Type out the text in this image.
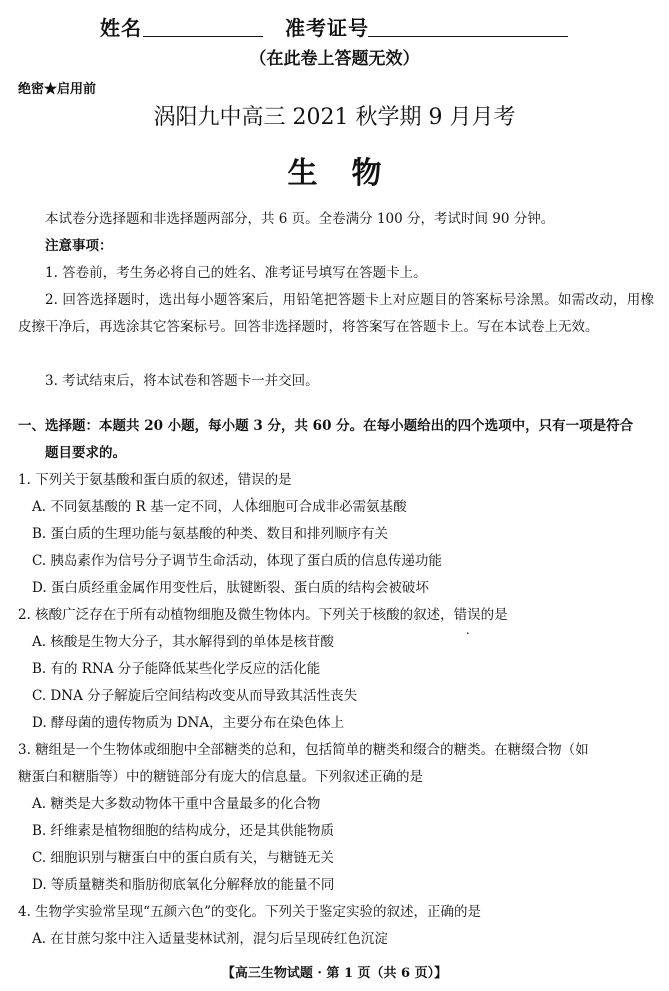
姓名	准考证号
（在此卷上答题无效）
绝密★启用前
涡阳九中高三 2021 秋学期 9 月月考
生物
本试卷分选择题和非选择题两部分，共 6 页。全卷满分 100 分，考试时间 90 分钟。
注意事项：
1. 答卷前，考生务必将自己的姓名、准考证号填写在答题卡上。
2. 回答选择题时，选出每小题答案后，用铅笔把答题卡上对应题目的答案标号涂黑。如需改动，用橡皮擦干净后，再选涂其它答案标号。回答非选择题时，将答案写在答题卡上。写在本试卷上无效。
3. 考试结束后，将本试卷和答题卡一并交回。
一、选择题：本题共 20 小题，每小题 3 分，共 60 分。在每小题给出的四个选项中，只有一项是符合
题目要求的。
1. 下列关于氨基酸和蛋白质的叙述，错误的是
A. 不同氨基酸的 R 基一定不同，人体细胞可合成非必需氨基酸
B. 蛋白质的生理功能与氨基酸的种类、数目和排列顺序有关
C. 胰岛素作为信号分子调节生命活动，体现了蛋白质的信息传递功能
D. 蛋白质经重金属作用变性后，肽键断裂、蛋白质的结构会被破坏
2. 核酸广泛存在于所有动植物细胞及微生物体内。下列关于核酸的叙述，错误的是
A. 核酸是生物大分子，其水解得到的单体是核苷酸
B. 有的 RNA 分子能降低某些化学反应的活化能
C. DNA 分子解旋后空间结构改变从而导致其活性丧失
D. 酵母菌的遗传物质为 DNA，主要分布在染色体上
3. 糖组是一个生物体或细胞中全部糖类的总和，包括简单的糖类和缀合的糖类。在糖缀合物（如
糖蛋白和糖脂等）中的糖链部分有庞大的信息量。下列叙述正确的是
A. 糖类是大多数动物体干重中含量最多的化合物
B. 纤维素是植物细胞的结构成分，还是其供能物质
C. 细胞识别与糖蛋白中的蛋白质有关，与糖链无关
D. 等质量糖类和脂肪彻底氧化分解释放的能量不同
4. 生物学实验常呈现“五颜六色”的变化。下列关于鉴定实验的叙述，正确的是
A. 在甘蔗匀浆中注入适量斐林试剂，混匀后呈现砖红色沉淀
【高三生物试题 · 第 1 页（共 6 页）】
